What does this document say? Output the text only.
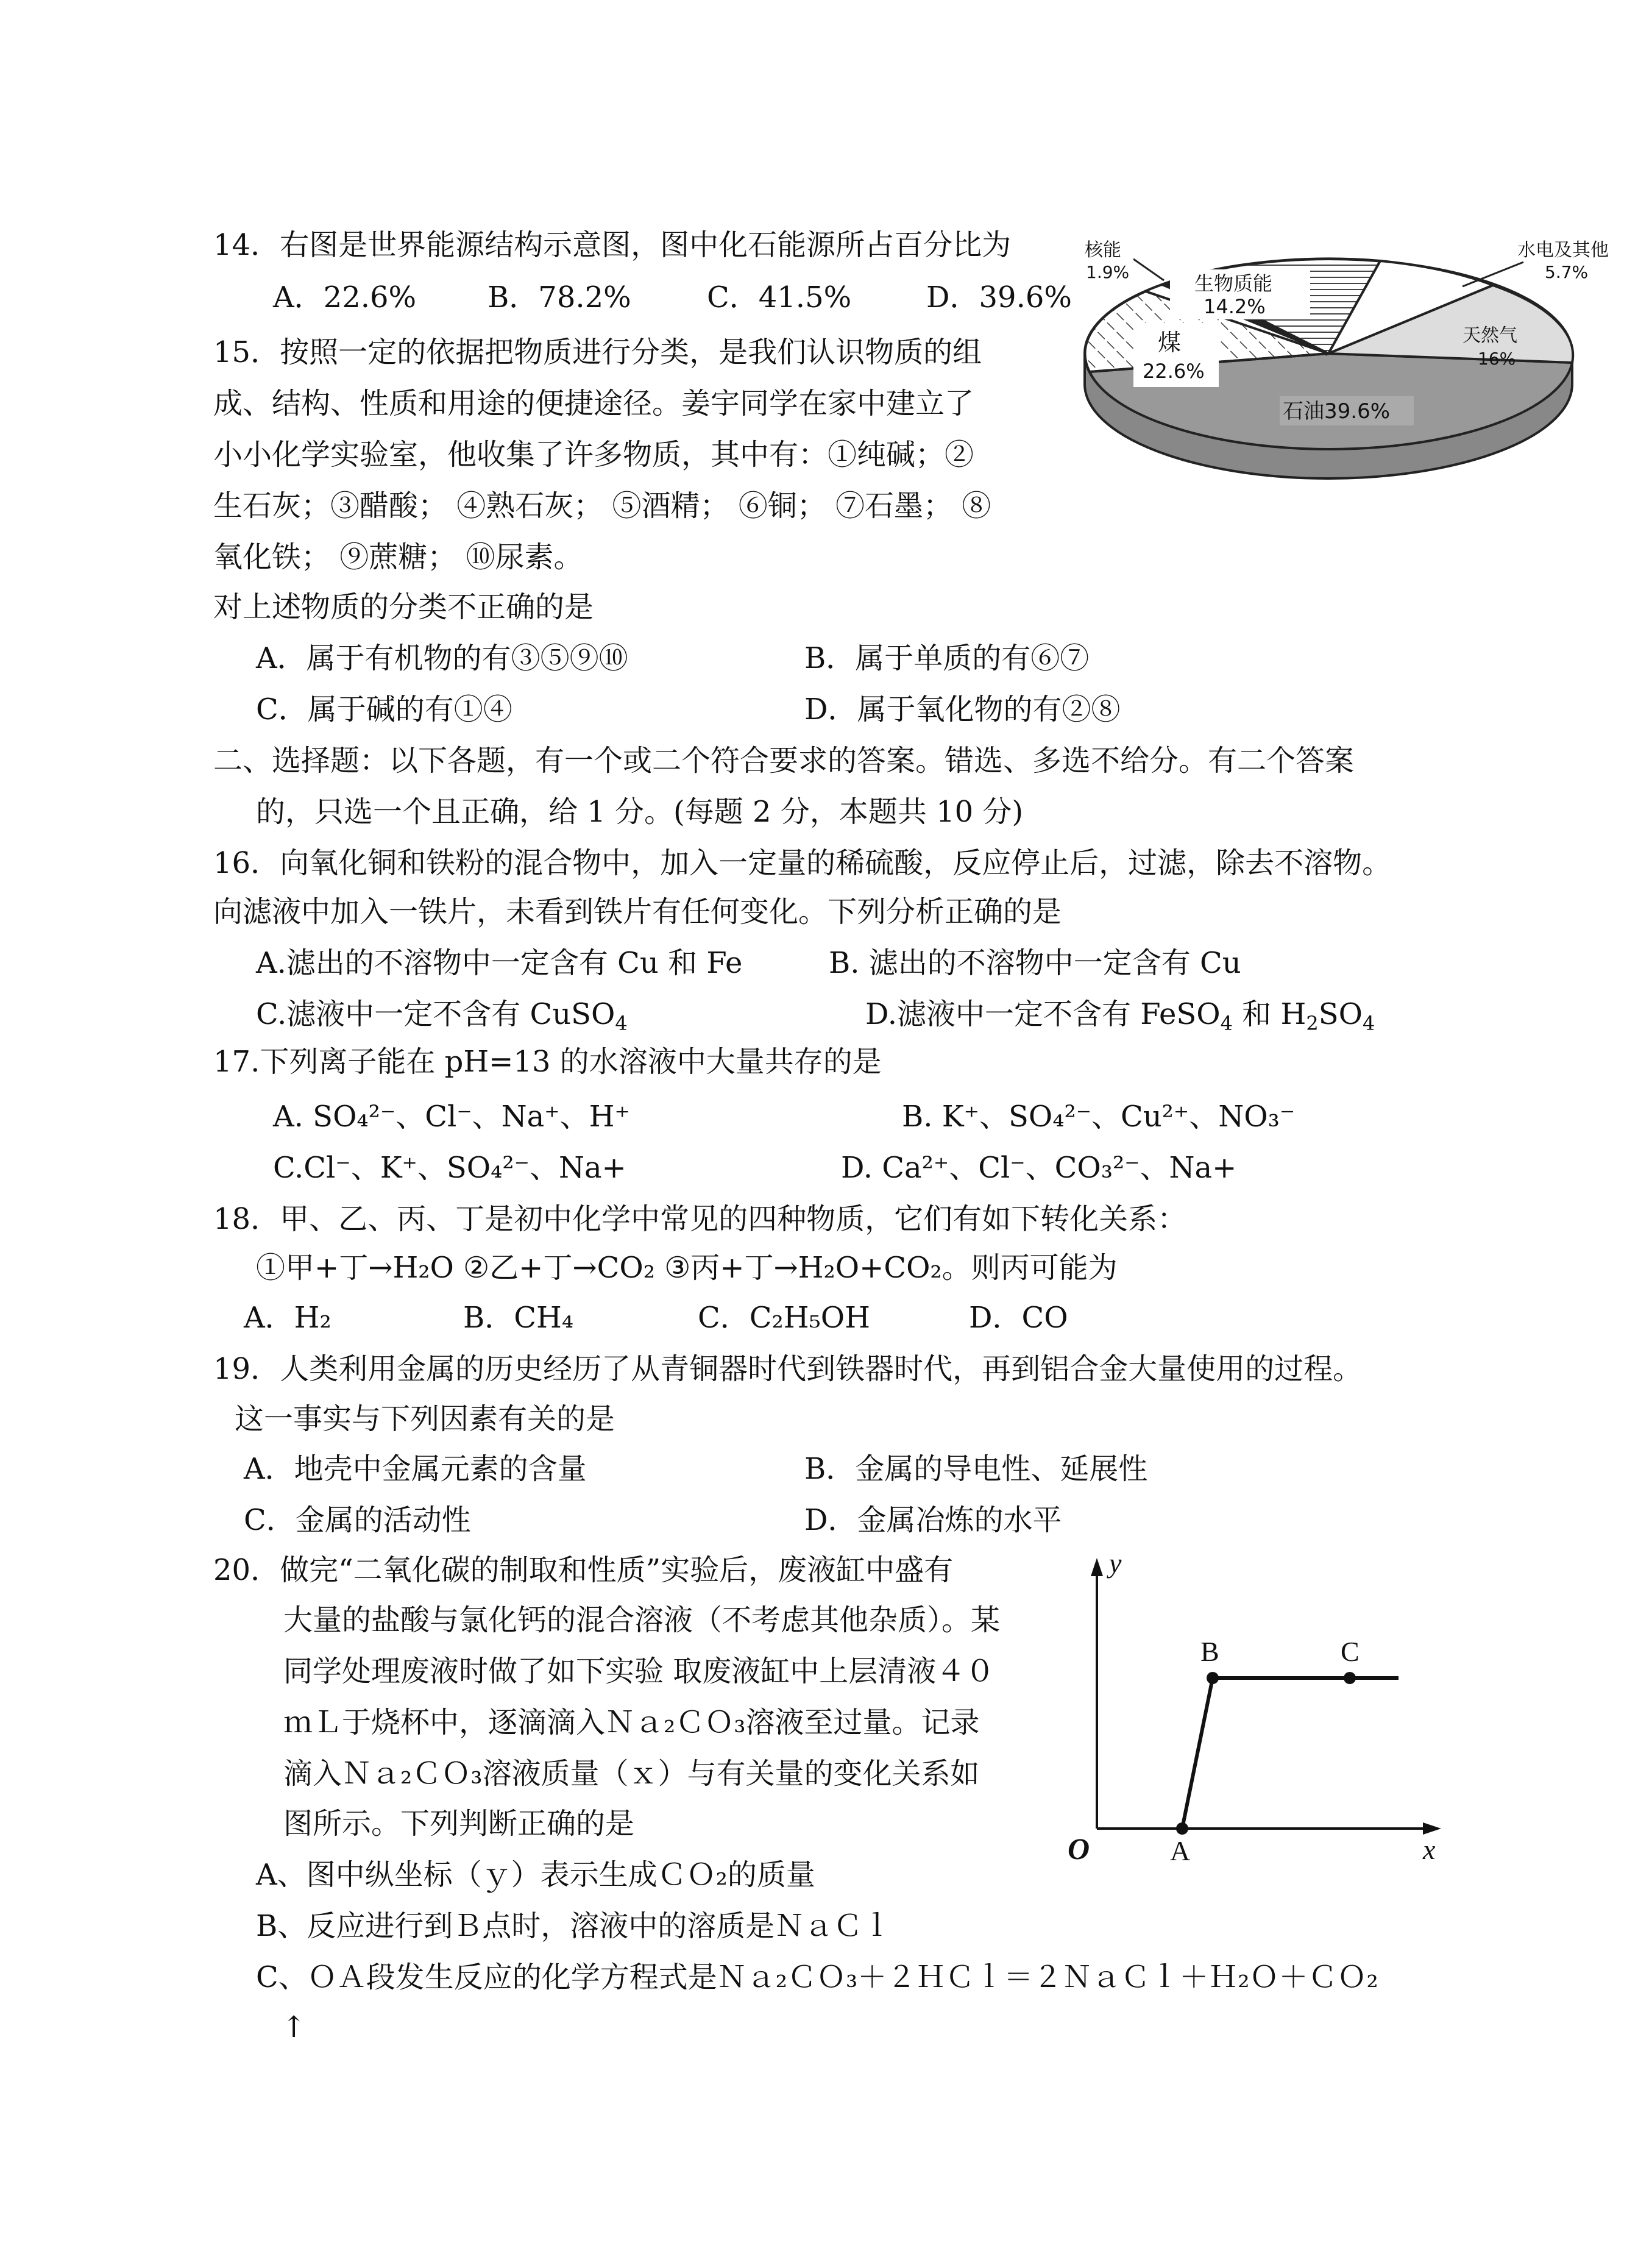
14．右图是世界能源结构示意图，图中化石能源所占百分比为
A．22.6% B．78.2%	C．41.5%	D．39.6%
核能
1.9%	生物质能
14.2%
水电及其他
5.7%
天然气
16%
煤
22.6%
石油39.6%
15．按照一定的依据把物质进行分类，是我们认识物质的组
成、结构、性质和用途的便捷途径。姜宇同学在家中建立了
小小化学实验室，他收集了许多物质，其中有：①纯碱；②
生石灰；③醋酸； ④熟石灰； ⑤酒精； ⑥铜； ⑦石墨； ⑧
氧化铁； ⑨蔗糖； ⑩尿素。
对上述物质的分类不正确的是
A．属于有机物的有③⑤⑨⑩	B．属于单质的有⑥⑦
C．属于碱的有①④	D．属于氧化物的有②⑧
二、选择题：以下各题，有一个或二个符合要求的答案。错选、多选不给分。有二个答案
的，只选一个且正确，给 1 分。(每题 2 分，本题共 10 分)
16．向氧化铜和铁粉的混合物中，加入一定量的稀硫酸，反应停止后，过滤，除去不溶物。
向滤液中加入一铁片，未看到铁片有任何变化。下列分析正确的是
A.滤出的不溶物中一定含有 Cu 和 Fe	B. 滤出的不溶物中一定含有 Cu
C.滤液中一定不含有 CuSO$_4$	D.滤液中一定不含有 FeSO$_4$ 和 $H_2SO_4$
17.下列离子能在 pH=13 的水溶液中大量共存的是
A. SO₄²⁻、Cl⁻、Na⁺、H⁺	B. K⁺、SO₄²⁻、Cu²⁺、NO₃⁻
C.Cl⁻、K⁺、SO₄²⁻、Na+	D. Ca²⁺、Cl⁻、CO₃²⁻、Na+
18．甲、乙、丙、丁是初中化学中常见的四种物质，它们有如下转化关系：
①甲+丁→H₂O ②乙+丁→CO₂ ③丙+丁→H₂O+CO₂。则丙可能为
A．H₂	B．CH₄	C．C₂H₅OH	D．CO
19．人类利用金属的历史经历了从青铜器时代到铁器时代，再到铝合金大量使用的过程。
这一事实与下列因素有关的是
A．地壳中金属元素的含量	B．金属的导电性、延展性
C．金属的活动性	D．金属冶炼的水平
20．做完“二氧化碳的制取和性质”实验后，废液缸中盛有
大量的盐酸与氯化钙的混合溶液（不考虑其他杂质）。某
同学处理废液时做了如下实验 取废液缸中上层清液４０
ｍＬ于烧杯中，逐滴滴入Ｎａ₂ＣＯ₃溶液至过量。记录
滴入Ｎａ₂ＣＯ₃溶液质量（ｘ）与有关量的变化关系如
图所示。下列判断正确的是
A、图中纵坐标（ｙ）表示生成ＣＯ₂的质量
B、反应进行到Ｂ点时，溶液中的溶质是ＮａＣｌ
C、ＯＡ段发生反应的化学方程式是Ｎａ₂ＣＯ₃＋２ＨＣｌ＝２ＮａＣｌ＋Ｈ₂Ｏ＋ＣＯ₂
↑
y
x
O	A
B	C
